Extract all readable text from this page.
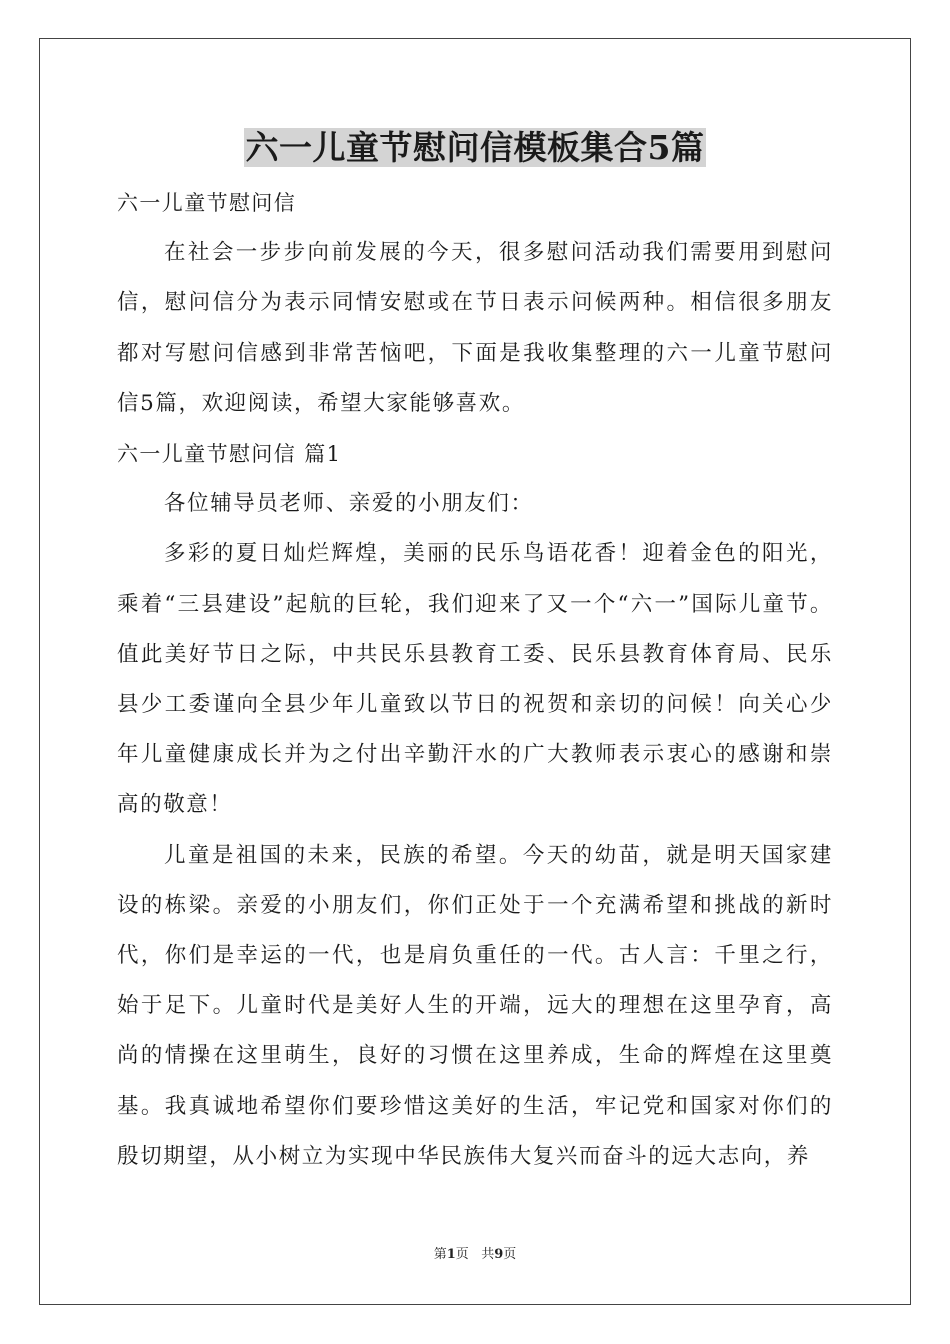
六一儿童节慰问信模板集合5篇

六一儿童节慰问信

在社会一步步向前发展的今天，很多慰问活动我们需要用到慰问信，慰问信分为表示同情安慰或在节日表示问候两种。相信很多朋友都对写慰问信感到非常苦恼吧，下面是我收集整理的六一儿童节慰问信5篇，欢迎阅读，希望大家能够喜欢。

六一儿童节慰问信 篇1

各位辅导员老师、亲爱的小朋友们：

多彩的夏日灿烂辉煌，美丽的民乐鸟语花香！迎着金色的阳光，乘着“三县建设”起航的巨轮，我们迎来了又一个“六一”国际儿童节。值此美好节日之际，中共民乐县教育工委、民乐县教育体育局、民乐县少工委谨向全县少年儿童致以节日的祝贺和亲切的问候！向关心少年儿童健康成长并为之付出辛勤汗水的广大教师表示衷心的感谢和崇高的敬意！

儿童是祖国的未来，民族的希望。今天的幼苗，就是明天国家建设的栋梁。亲爱的小朋友们，你们正处于一个充满希望和挑战的新时代，你们是幸运的一代，也是肩负重任的一代。古人言：千里之行，始于足下。儿童时代是美好人生的开端，远大的理想在这里孕育，高尚的情操在这里萌生，良好的习惯在这里养成，生命的辉煌在这里奠基。我真诚地希望你们要珍惜这美好的生活，牢记党和国家对你们的殷切期望，从小树立为实现中华民族伟大复兴而奋斗的远大志向，养

第1页 共9页
